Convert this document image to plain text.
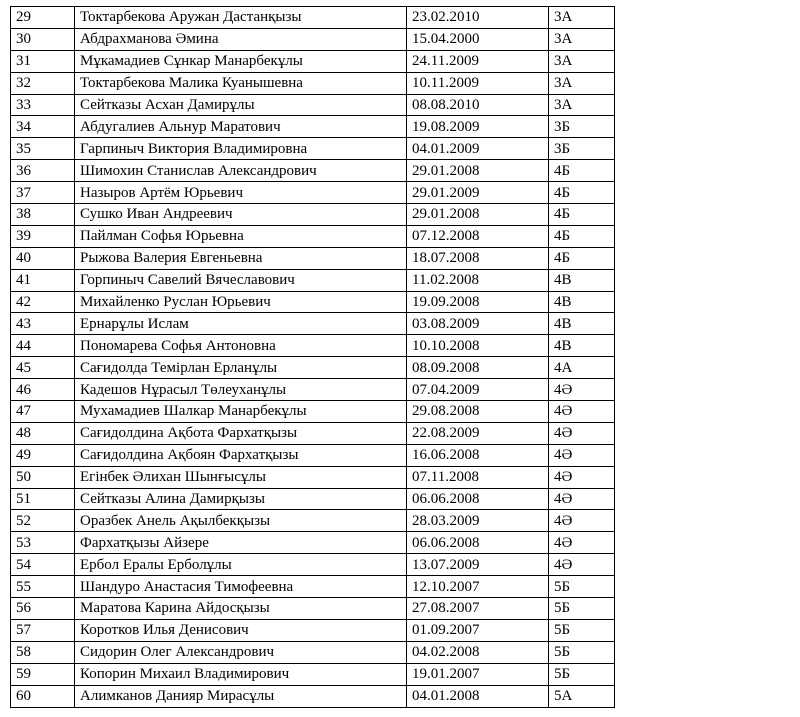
29	Токтарбекова Аружан Дастанқызы	23.02.2010	3А
30	Абдрахманова Әмина	15.04.2000	3А
31	Мұкамадиев Сұнкар Манарбекұлы	24.11.2009	3А
32	Токтарбекова Малика Куанышевна	10.11.2009	3А
33	Сейтказы Асхан Дамирұлы	08.08.2010	3А
34	Абдугалиев Альнур Маратович	19.08.2009	3Б
35	Гарпиныч Виктория Владимировна	04.01.2009	3Б
36	Шимохин Станислав Александрович	29.01.2008	4Б
37	Назыров Артём Юрьевич	29.01.2009	4Б
38	Сушко Иван Андреевич	29.01.2008	4Б
39	Пайлман Софья Юрьевна	07.12.2008	4Б
40	Рыжова Валерия Евгеньевна	18.07.2008	4Б
41	Горпиныч Савелий Вячеславович	11.02.2008	4В
42	Михайленко Руслан Юрьевич	19.09.2008	4В
43	Ернарұлы Ислам	03.08.2009	4В
44	Пономарева Софья Антоновна	10.10.2008	4В
45	Сағидолда Темірлан Ерланұлы	08.09.2008	4А
46	Кадешов Нұрасыл Төлеуханұлы	07.04.2009	4Ә
47	Мухамадиев Шалкар Манарбекұлы	29.08.2008	4Ә
48	Сағидолдина Ақбота Фархатқызы	22.08.2009	4Ә
49	Сағидолдина Ақбоян Фархатқызы	16.06.2008	4Ә
50	Егінбек Әлихан Шынғысұлы	07.11.2008	4Ә
51	Сейтказы Алина Дамирқызы	06.06.2008	4Ә
52	Оразбек Анель Ақылбекқызы	28.03.2009	4Ә
53	Фархатқызы Айзере	06.06.2008	4Ә
54	Ербол Ералы Ерболұлы	13.07.2009	4Ә
55	Шандуро Анастасия Тимофеевна	12.10.2007	5Б
56	Маратова Карина Айдосқызы	27.08.2007	5Б
57	Коротков Илья Денисович	01.09.2007	5Б
58	Сидорин Олег Александрович	04.02.2008	5Б
59	Копорин Михаил Владимирович	19.01.2007	5Б
60	Алимканов Данияр Мирасұлы	04.01.2008	5А
